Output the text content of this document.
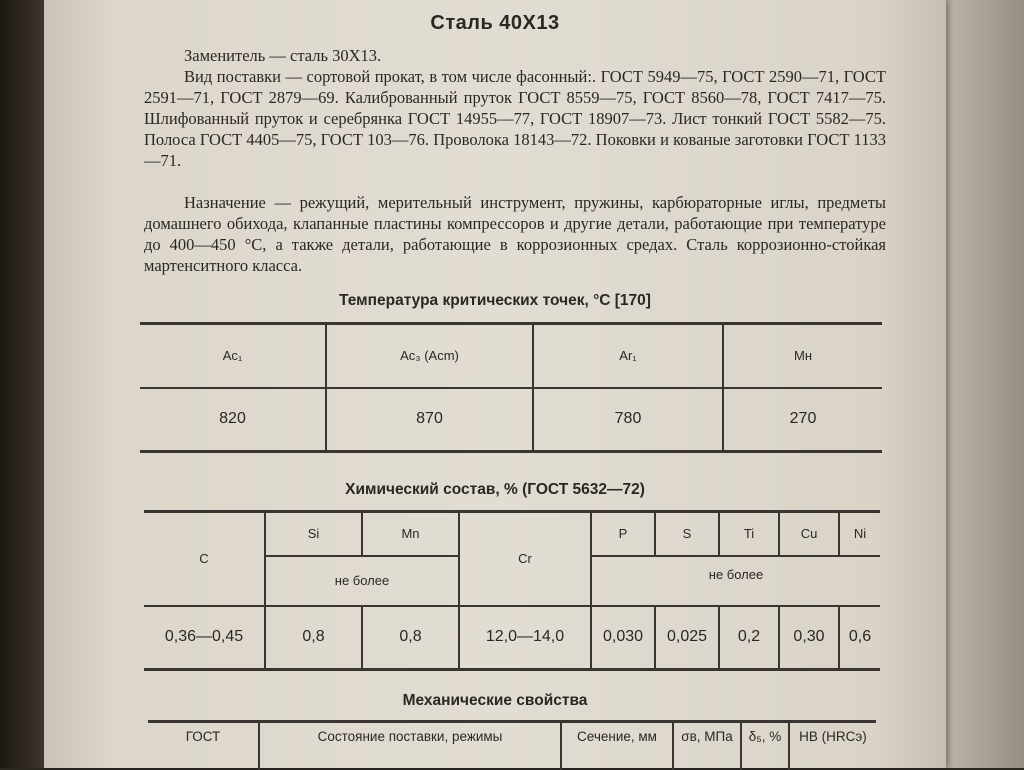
Сталь 40Х13

Заменитель — сталь 30Х13.

Вид поставки — сортовой прокат, в том числе фасонный:. ГОСТ 5949—75, ГОСТ 2590—71, ГОСТ 2591—71, ГОСТ 2879—69. Калиброванный пруток ГОСТ 8559—75, ГОСТ 8560—78, ГОСТ 7417—75. Шлифованный пруток и серебрянка ГОСТ 14955—77, ГОСТ 18907—73. Лист тонкий ГОСТ 5582—75. Полоса ГОСТ 4405—75, ГОСТ 103—76. Проволока 18143—72. Поковки и кованые заготовки ГОСТ 1133—71.

Назначение — режущий, мерительный инструмент, пружины, карбюраторные иглы, предметы домашнего обихода, клапанные пластины компрессоров и другие детали, работающие при температуре до 400—450 °С, а также детали, работающие в коррозионных средах. Сталь коррозионно-стойкая мартенситного класса.

Температура критических точек, °С [170]
Ac₁	Ac₃ (Acm)	Ar₁	Mн
820	870	780	270
Химический состав, % (ГОСТ 5632—72)
C	Si	Mn	Cr	P	S	Ti	Cu	Ni
	не более			не более				
0,36—0,45	0,8	0,8	12,0—14,0	0,030	0,025	0,2	0,30	0,6
Механические свойства
ГОСТ	Состояние поставки, режимы	Сечение, мм	σв, МПа	δ₅, %	HB (HRCэ)
